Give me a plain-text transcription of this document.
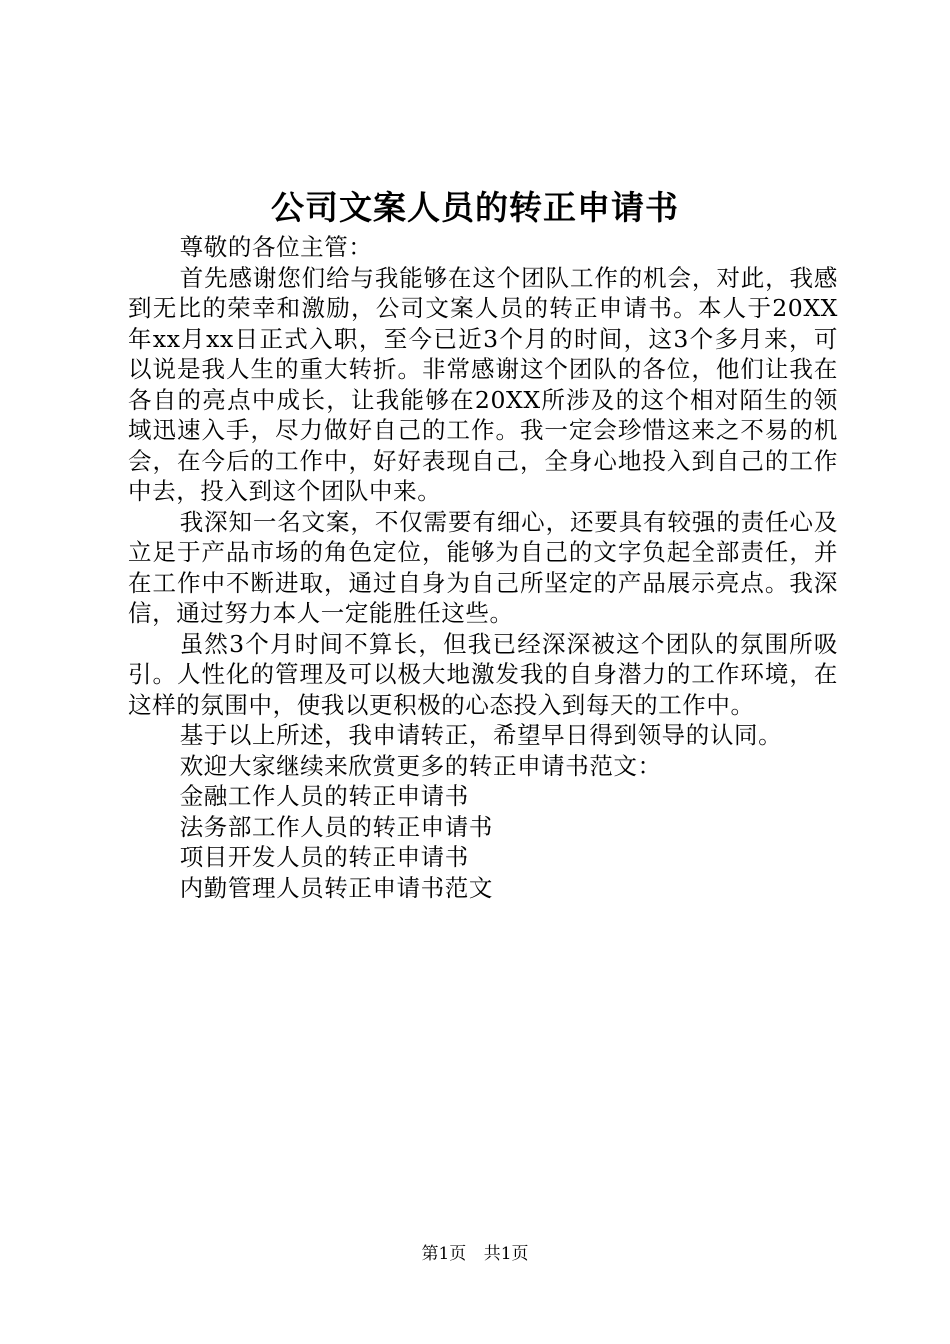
公司文案人员的转正申请书

尊敬的各位主管：

首先感谢您们给与我能够在这个团队工作的机会，对此，我感到无比的荣幸和激励，公司文案人员的转正申请书。本人于20XX年xx月xx日正式入职，至今已近3个月的时间，这3个多月来，可以说是我人生的重大转折。非常感谢这个团队的各位，他们让我在各自的亮点中成长，让我能够在20XX所涉及的这个相对陌生的领域迅速入手，尽力做好自己的工作。我一定会珍惜这来之不易的机会，在今后的工作中，好好表现自己，全身心地投入到自己的工作中去，投入到这个团队中来。

我深知一名文案，不仅需要有细心，还要具有较强的责任心及立足于产品市场的角色定位，能够为自己的文字负起全部责任，并在工作中不断进取，通过自身为自己所坚定的产品展示亮点。我深信，通过努力本人一定能胜任这些。

虽然3个月时间不算长，但我已经深深被这个团队的氛围所吸引。人性化的管理及可以极大地激发我的自身潜力的工作环境，在这样的氛围中，使我以更积极的心态投入到每天的工作中。

基于以上所述，我申请转正，希望早日得到领导的认同。

欢迎大家继续来欣赏更多的转正申请书范文：

金融工作人员的转正申请书

法务部工作人员的转正申请书

项目开发人员的转正申请书

内勤管理人员转正申请书范文

第1页 共1页
